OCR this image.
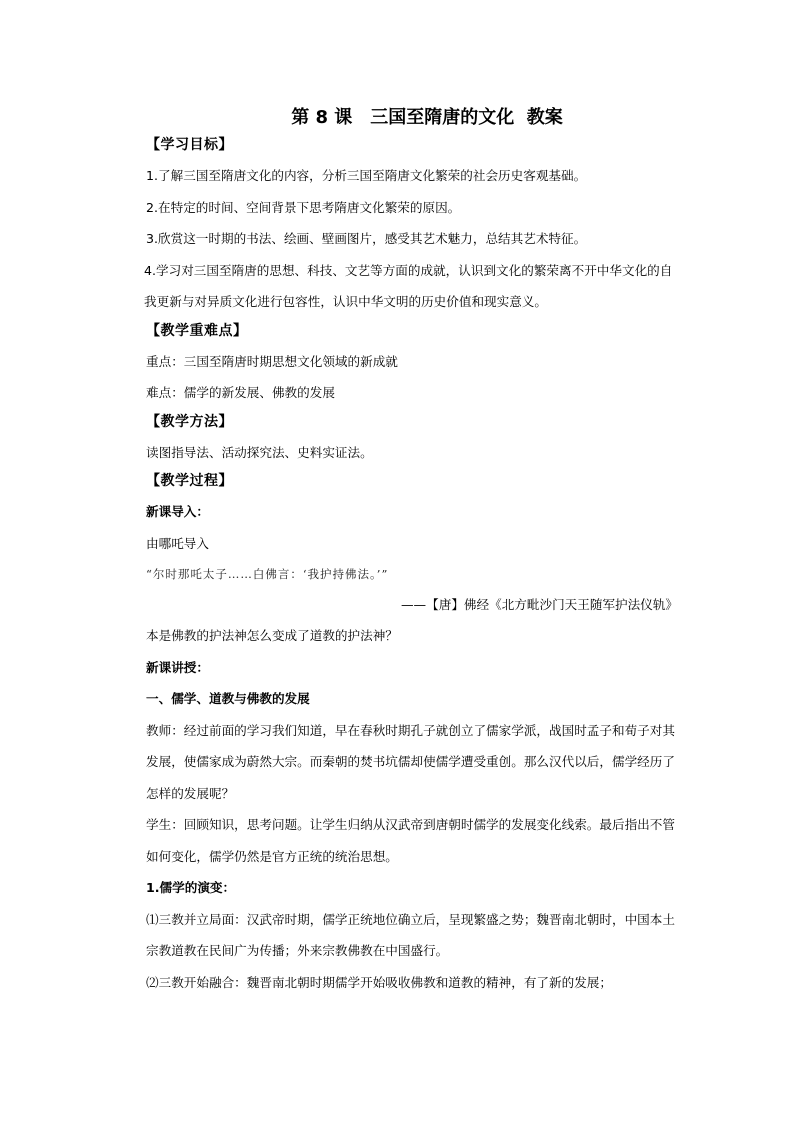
第 8 课　三国至隋唐的文化  教案
【学习目标】

1.了解三国至隋唐文化的内容，分析三国至隋唐文化繁荣的社会历史客观基础。

2.在特定的时间、空间背景下思考隋唐文化繁荣的原因。

3.欣赏这一时期的书法、绘画、壁画图片，感受其艺术魅力，总结其艺术特征。

4.学习对三国至隋唐的思想、科技、文艺等方面的成就，认识到文化的繁荣离不开中华文化的自我更新与对异质文化进行包容性，认识中华文明的历史价值和现实意义。

【教学重难点】

重点：三国至隋唐时期思想文化领域的新成就

难点：儒学的新发展、佛教的发展

【教学方法】

读图指导法、活动探究法、史料实证法。

【教学过程】

新课导入：

由哪吒导入

“尔时那吒太子……白佛言：‘我护持佛法。’”

——【唐】佛经《北方毗沙门天王随军护法仪轨》

本是佛教的护法神怎么变成了道教的护法神？

新课讲授：

一、儒学、道教与佛教的发展

教师：经过前面的学习我们知道，早在春秋时期孔子就创立了儒家学派，战国时孟子和荀子对其发展，使儒家成为蔚然大宗。而秦朝的焚书坑儒却使儒学遭受重创。那么汉代以后，儒学经历了怎样的发展呢？

学生：回顾知识，思考问题。让学生归纳从汉武帝到唐朝时儒学的发展变化线索。最后指出不管如何变化，儒学仍然是官方正统的统治思想。

1.儒学的演变：

⑴三教并立局面：汉武帝时期，儒学正统地位确立后，呈现繁盛之势；魏晋南北朝时，中国本土宗教道教在民间广为传播；外来宗教佛教在中国盛行。

⑵三教开始融合：魏晋南北朝时期儒学开始吸收佛教和道教的精神，有了新的发展；
